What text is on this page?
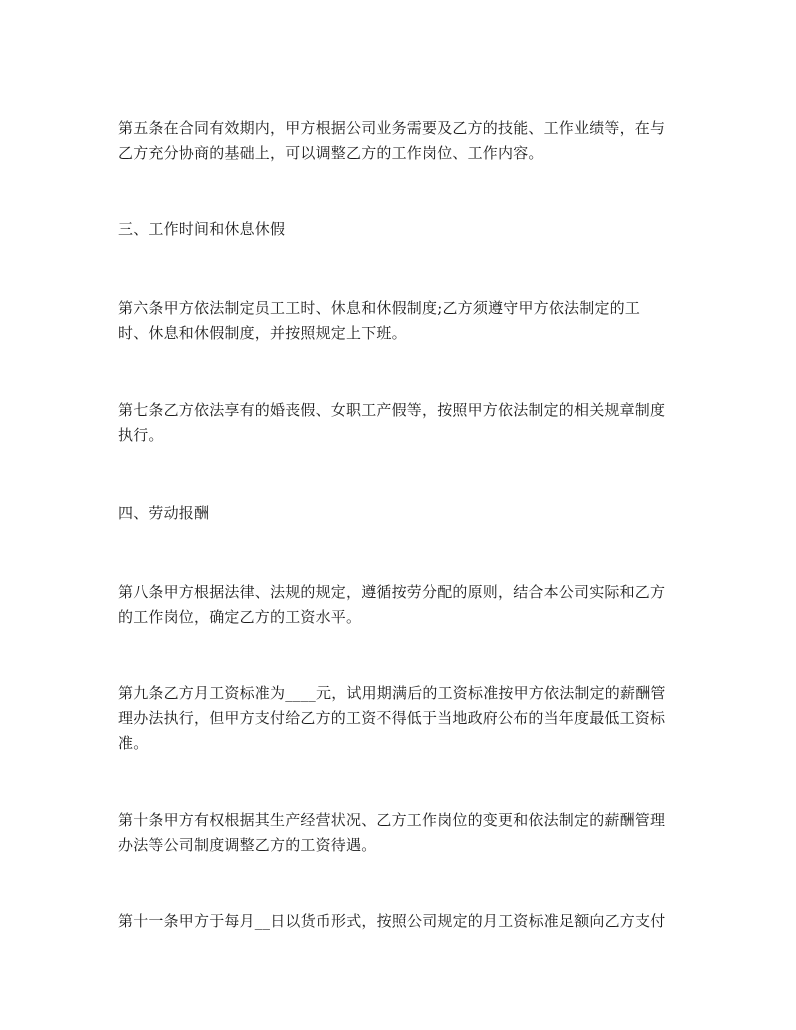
第五条在合同有效期内，甲方根据公司业务需要及乙方的技能、工作业绩等，在与
乙方充分协商的基础上，可以调整乙方的工作岗位、工作内容。

三、工作时间和休息休假

第六条甲方依法制定员工工时、休息和休假制度;乙方须遵守甲方依法制定的工
时、休息和休假制度，并按照规定上下班。

第七条乙方依法享有的婚丧假、女职工产假等，按照甲方依法制定的相关规章制度
执行。

四、劳动报酬

第八条甲方根据法律、法规的规定，遵循按劳分配的原则，结合本公司实际和乙方
的工作岗位，确定乙方的工资水平。

第九条乙方月工资标准为____元，试用期满后的工资标准按甲方依法制定的薪酬管
理办法执行，但甲方支付给乙方的工资不得低于当地政府公布的当年度最低工资标
准。

第十条甲方有权根据其生产经营状况、乙方工作岗位的变更和依法制定的薪酬管理
办法等公司制度调整乙方的工资待遇。

第十一条甲方于每月__日以货币形式，按照公司规定的月工资标准足额向乙方支付
